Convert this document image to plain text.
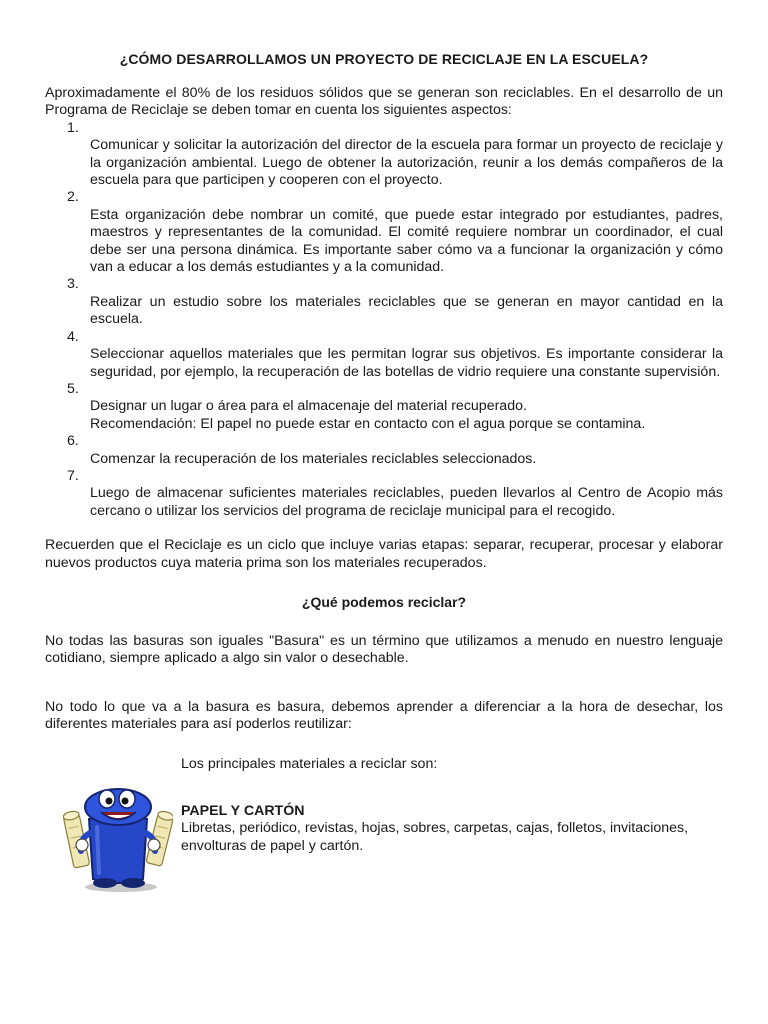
¿CÓMO DESARROLLAMOS UN PROYECTO DE RECICLAJE EN LA ESCUELA?

Aproximadamente el 80% de los residuos sólidos que se generan son reciclables. En el desarrollo de un Programa de Reciclaje se deben tomar en cuenta los siguientes aspectos:

1.
Comunicar y solicitar la autorización del director de la escuela para formar un proyecto de reciclaje y la organización ambiental. Luego de obtener la autorización, reunir a los demás compañeros de la escuela para que participen y cooperen con el proyecto.
2.
Esta organización debe nombrar un comité, que puede estar integrado por estudiantes, padres, maestros y representantes de la comunidad. El comité requiere nombrar un coordinador, el cual debe ser una persona dinámica. Es importante saber cómo va a funcionar la organización y cómo van a educar a los demás estudiantes y a la comunidad.
3.
Realizar un estudio sobre los materiales reciclables que se generan en mayor cantidad en la escuela.
4.
Seleccionar aquellos materiales que les permitan lograr sus objetivos. Es importante considerar la seguridad, por ejemplo, la recuperación de las botellas de vidrio requiere una constante supervisión.
5.
Designar un lugar o área para el almacenaje del material recuperado.
Recomendación: El papel no puede estar en contacto con el agua porque se contamina.
6.
Comenzar la recuperación de los materiales reciclables seleccionados.
7.
Luego de almacenar suficientes materiales reciclables, pueden llevarlos al Centro de Acopio más cercano o utilizar los servicios del programa de reciclaje municipal para el recogido.

Recuerden que el Reciclaje es un ciclo que incluye varias etapas: separar, recuperar, procesar y elaborar nuevos productos cuya materia prima son los materiales recuperados.

¿Qué podemos reciclar?

No todas las basuras son iguales "Basura" es un término que utilizamos a menudo en nuestro lenguaje cotidiano, siempre aplicado a algo sin valor o desechable.

No todo lo que va a la basura es basura, debemos aprender a diferenciar a la hora de desechar, los diferentes materiales para así poderlos reutilizar:

Los principales materiales a reciclar son:

PAPEL Y CARTÓN

Libretas, periódico, revistas, hojas, sobres, carpetas, cajas, folletos, invitaciones, envolturas de papel y cartón.
